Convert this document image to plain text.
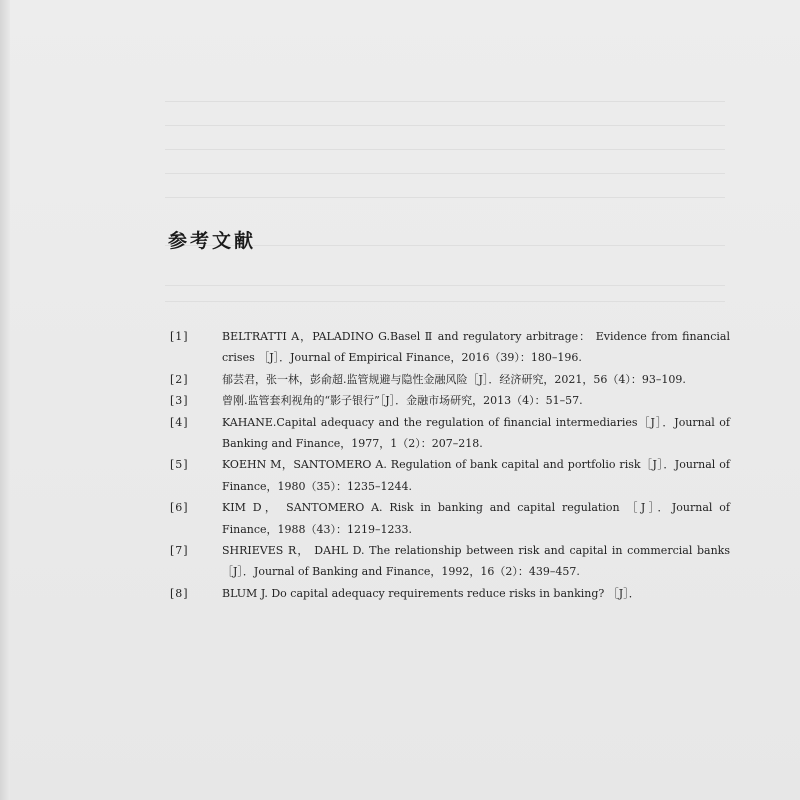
参考文献
[1]	BELTRATTI A，PALADINO G.Basel Ⅱ and regulatory arbitrage： Evidence from financial crises ［J］．Journal of Empirical Finance，2016（39）：180–196.
[2]	郁芸君，张一林，彭俞超.监管规避与隐性金融风险［J］．经济研究，2021，56（4）：93–109.
[3]	曾刚.监管套利视角的“影子银行”［J］．金融市场研究，2013（4）：51–57.
[4]	KAHANE.Capital adequacy and the regulation of financial intermediaries［J］．Journal of Banking and Finance，1977，1（2）：207–218.
[5]	KOEHN M，SANTOMERO A. Regulation of bank capital and portfolio risk［J］．Journal of Finance，1980（35）：1235–1244.
[6]	KIM D， SANTOMERO A. Risk in banking and capital regulation ［J］．Journal of Finance，1988（43）：1219–1233.
[7]	SHRIEVES R， DAHL D. The relationship between risk and capital in commercial banks［J］．Journal of Banking and Finance，1992，16（2）：439–457.
[8]	BLUM J. Do capital adequacy requirements reduce risks in banking? ［J］．
